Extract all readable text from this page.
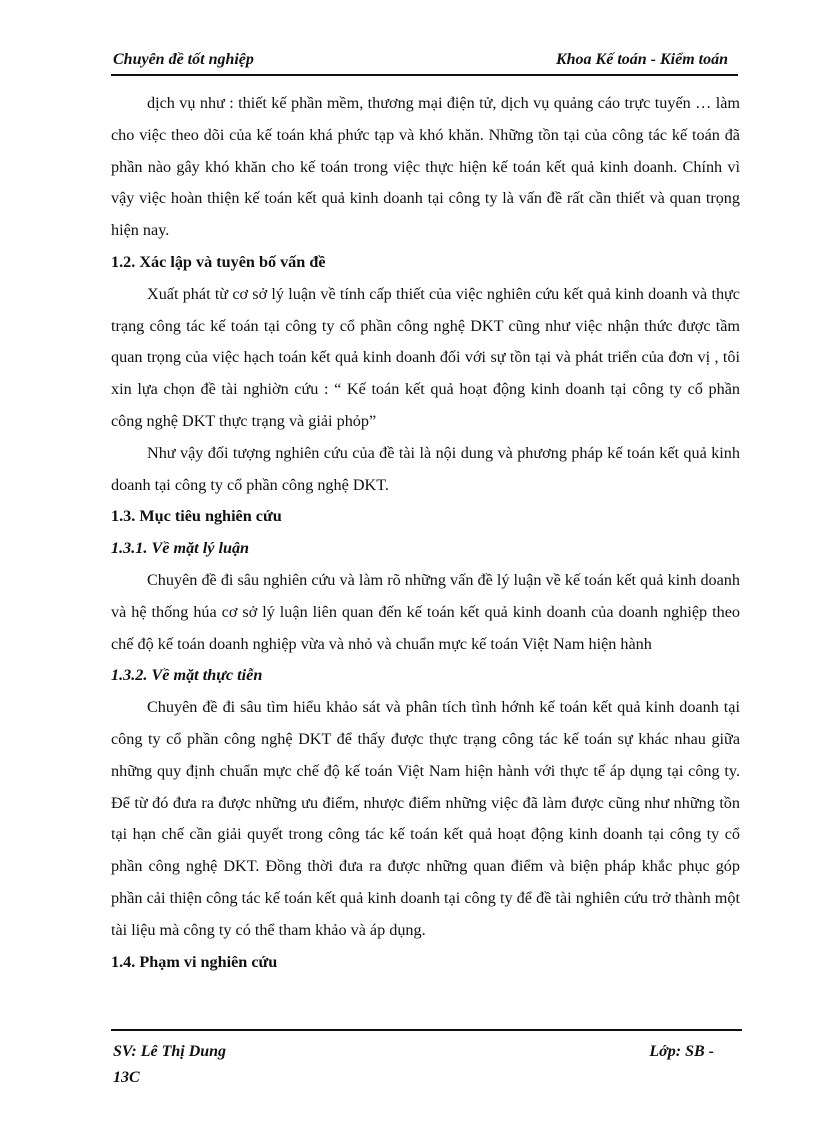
Chuyên đề tốt nghiệp	Khoa Kế toán - Kiểm toán

dịch vụ như : thiết kế phần mềm, thương mại điện tử, dịch vụ quảng cáo trực tuyến … làm cho việc theo dõi của kế toán khá phức tạp và khó khăn. Những tồn tại của công tác kế toán đã phần nào gây khó khăn cho kế toán trong việc thực hiện kế toán kết quả kinh doanh. Chính vì vậy việc hoàn thiện kế toán kết quả kinh doanh tại công ty là vấn đề rất cần thiết và quan trọng hiện nay.

1.2. Xác lập và tuyên bố vấn đề

Xuất phát từ cơ sở lý luận về tính cấp thiết của việc nghiên cứu kết quả kinh doanh và thực trạng công tác kế toán tại công ty cổ phần công nghệ DKT cũng như việc nhận thức được tầm quan trọng của việc hạch toán kết quả kinh doanh đối với sự tồn tại và phát triển của đơn vị , tôi xin lựa chọn đề tài nghiờn cứu : “ Kế toán kết quả hoạt động kinh doanh tại công ty cổ phần công nghệ DKT thực trạng và giải phỏp”

Như vậy đối tượng nghiên cứu của đề tài là nội dung và phương pháp kế toán kết quả kinh doanh tại công ty cổ phần công nghệ DKT.

1.3. Mục tiêu nghiên cứu

1.3.1. Về mặt lý luận

Chuyên đề đi sâu nghiên cứu và làm rõ những vấn đề lý luận về kế toán kết quả kinh doanh và hệ thống húa cơ sở lý luận liên quan đến kế toán kết quả kinh doanh của doanh nghiệp theo chế độ kế toán doanh nghiệp vừa và nhỏ và chuẩn mực kế toán Việt Nam hiện hành

1.3.2. Về mặt thực tiễn

Chuyên đề đi sâu tìm hiểu khảo sát và phân tích tình hớnh kế toán kết quả kinh doanh tại công ty cổ phần công nghệ DKT để thấy được thực trạng công tác kế toán sự khác nhau giữa những quy định chuẩn mực chế độ kế toán Việt Nam hiện hành với thực tế áp dụng tại công ty. Để từ đó đưa ra được những ưu điểm, nhược điểm những việc đã làm được cũng như những tồn tại hạn chế cần giải quyết trong công tác kế toán kết quả hoạt động kinh doanh tại công ty cổ phần công nghệ DKT. Đồng thời đưa ra được những quan điểm và biện pháp khắc phục góp phần cải thiện công tác kế toán kết quả kinh doanh tại công ty để đề tài nghiên cứu trở thành một tài liệu mà công ty có thể tham khảo và áp dụng.

1.4. Phạm vi nghiên cứu

SV: Lê Thị Dung 13C
Lớp: SB -
